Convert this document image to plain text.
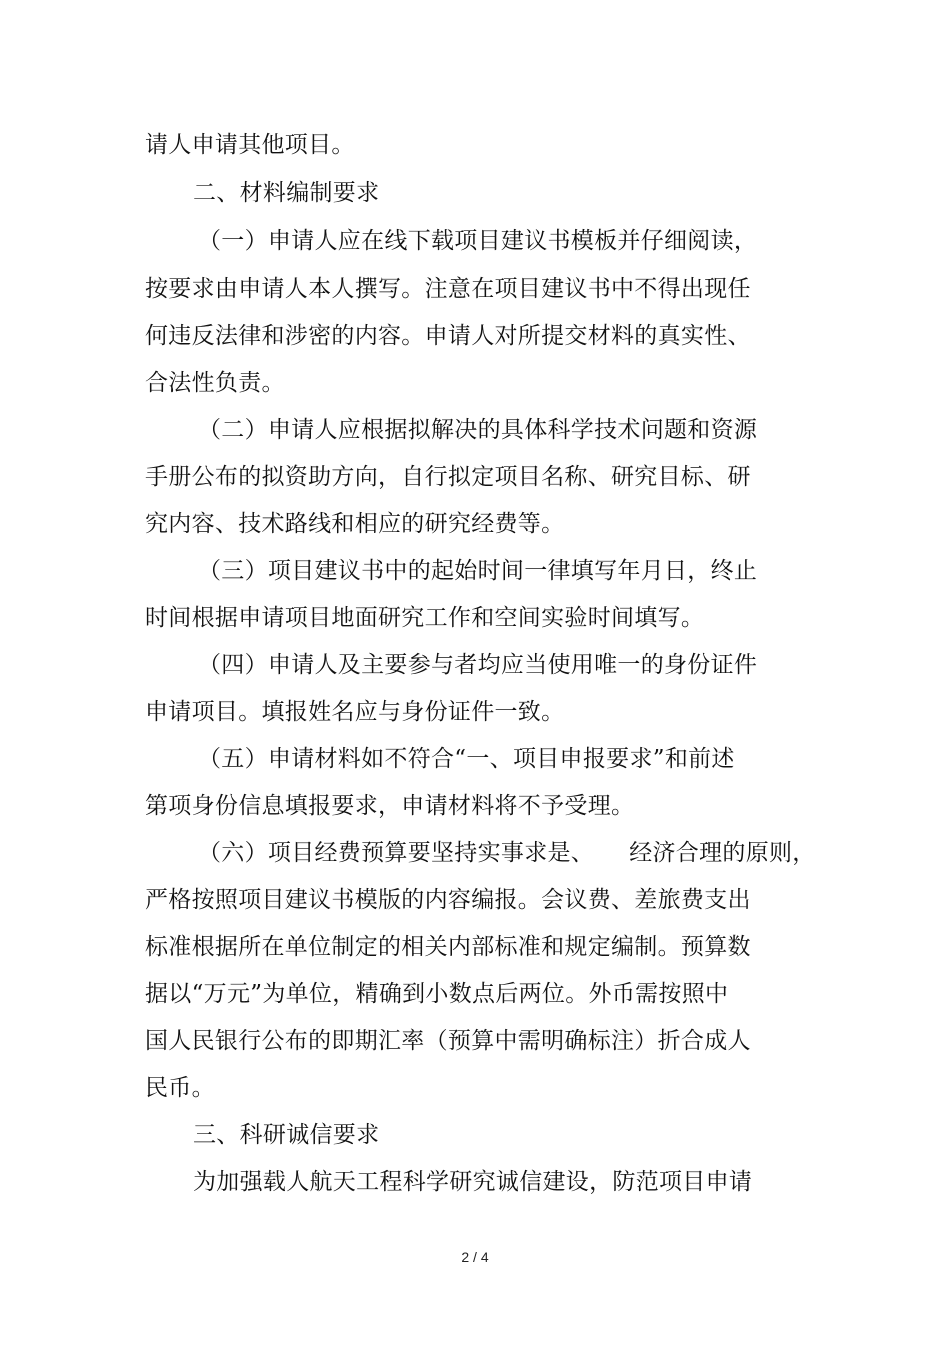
请人申请其他项目。
二、材料编制要求
（一）申请人应在线下载项目建议书模板并仔细阅读，
按要求由申请人本人撰写。注意在项目建议书中不得出现任
何违反法律和涉密的内容。申请人对所提交材料的真实性、
合法性负责。
（二）申请人应根据拟解决的具体科学技术问题和资源
手册公布的拟资助方向，自行拟定项目名称、研究目标、研
究内容、技术路线和相应的研究经费等。
（三）项目建议书中的起始时间一律填写年月日，终止
时间根据申请项目地面研究工作和空间实验时间填写。
（四）申请人及主要参与者均应当使用唯一的身份证件
申请项目。填报姓名应与身份证件一致。
（五）申请材料如不符合“一、项目申报要求”和前述
第项身份信息填报要求，申请材料将不予受理。
（六）项目经费预算要坚持实事求是、　　经济合理的原则，
严格按照项目建议书模版的内容编报。会议费、差旅费支出
标准根据所在单位制定的相关内部标准和规定编制。预算数
据以“万元”为单位，精确到小数点后两位。外币需按照中
国人民银行公布的即期汇率（预算中需明确标注）折合成人
民币。
三、科研诚信要求
为加强载人航天工程科学研究诚信建设，防范项目申请
2 / 4
